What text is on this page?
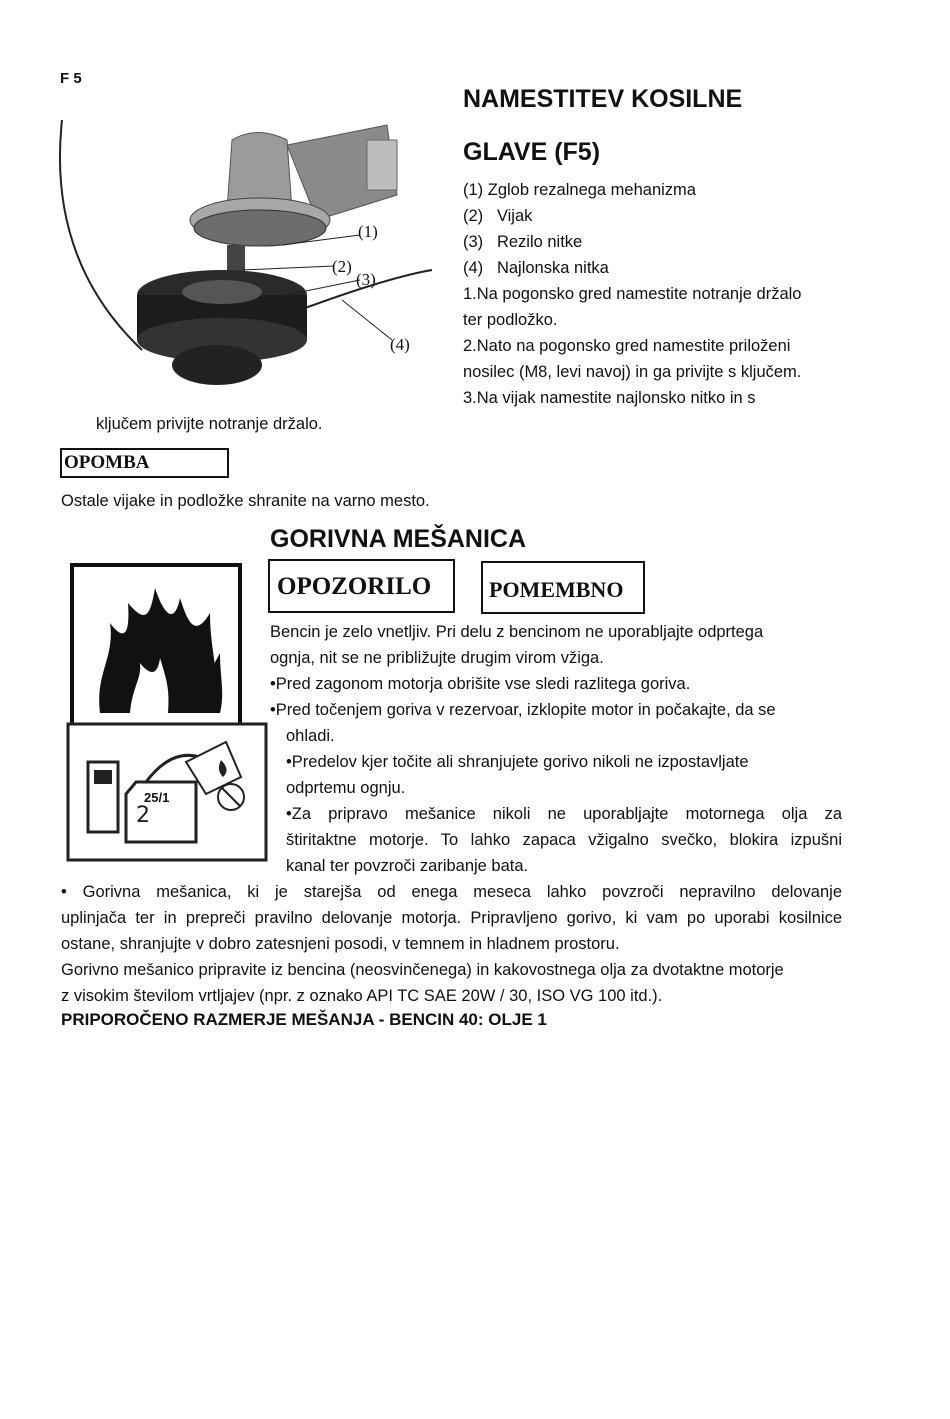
F 5
(1)
(2)
(3)
(4)
NAMESTITEV KOSILNE
GLAVE (F5)
(1) Zglob rezalnega mehanizma
(2) Vijak
(3) Rezilo nitke
(4) Najlonska nitka
1.Na pogonsko gred namestite notranje držalo
ter podložko.
2.Nato na pogonsko gred namestite priloženi
nosilec (M8, levi navoj) in ga privijte s ključem.
3.Na vijak namestite najlonsko nitko in s
ključem privijte notranje držalo.
OPOMBA
Ostale vijake in podložke shranite na varno mesto.
GORIVNA MEŠANICA
OPOZORILO	POMEMBNO
2
25/1
Bencin je zelo vnetljiv. Pri delu z bencinom ne uporabljajte odprtega
ognja, nit se ne približujte drugim virom vžiga.
•Pred zagonom motorja obrišite vse sledi razlitega goriva.
•Pred točenjem goriva v rezervoar, izklopite motor in počakajte, da se
ohladi.
•Predelov kjer točite ali shranjujete gorivo nikoli ne izpostavljate
odprtemu ognju.
•Za pripravo mešanice nikoli ne uporabljajte motornega olja za
štiritaktne motorje. To lahko zapaca vžigalno svečko, blokira izpušni
kanal ter povzroči zaribanje bata.
• Gorivna mešanica, ki je starejša od enega meseca lahko povzroči nepravilno delovanje
uplinjača ter in prepreči pravilno delovanje motorja. Pripravljeno gorivo, ki vam po uporabi kosilnice
ostane, shranjujte v dobro zatesnjeni posodi, v temnem in hladnem prostoru.
Gorivno mešanico pripravite iz bencina (neosvinčenega) in kakovostnega olja za dvotaktne motorje
z visokim številom vrtljajev (npr. z oznako API TC SAE 20W / 30, ISO VG 100 itd.).
PRIPOROČENO RAZMERJE MEŠANJA - BENCIN 40: OLJE 1
